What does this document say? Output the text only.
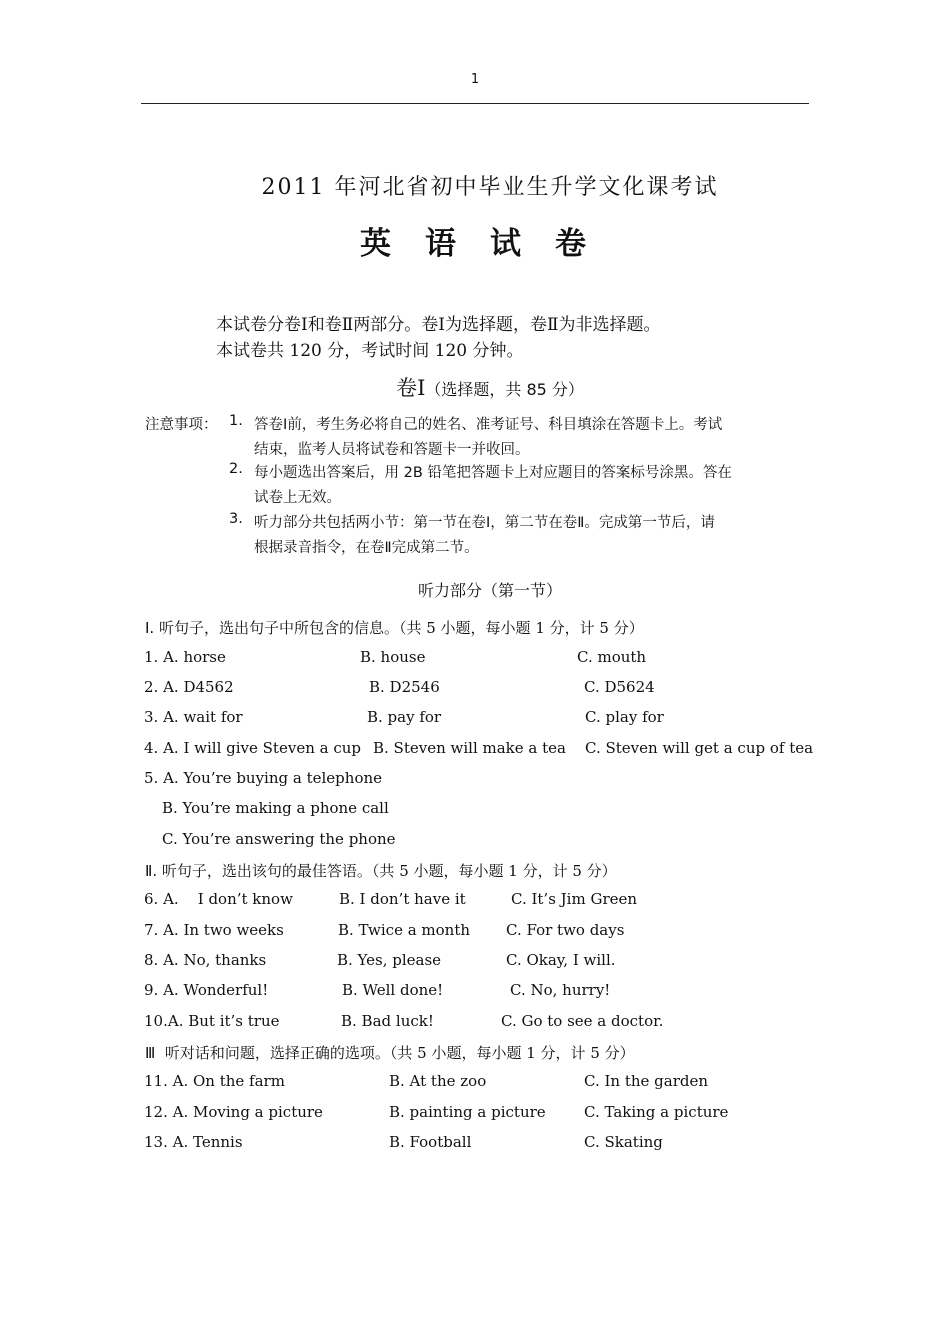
1
2011 年河北省初中毕业生升学文化课考试
英语试卷
本试卷分卷Ⅰ和卷Ⅱ两部分。卷Ⅰ为选择题，卷Ⅱ为非选择题。
本试卷共 120 分，考试时间 120 分钟。
卷Ⅰ（选择题，共 85 分）
注意事项： 1. 答卷Ⅰ前，考生务必将自己的姓名、准考证号、科目填涂在答题卡上。考试
结束，监考人员将试卷和答题卡一并收回。
2. 每小题选出答案后，用 2B 铅笔把答题卡上对应题目的答案标号涂黑。答在
试卷上无效。
3. 听力部分共包括两小节：第一节在卷Ⅰ，第二节在卷Ⅱ。完成第一节后，请
根据录音指令，在卷Ⅱ完成第二节。
听力部分（第一节）
Ⅰ. 听句子，选出句子中所包含的信息。（共 5 小题，每小题 1 分，计 5 分）
1. A. horse	B. house	C. mouth
2. A. D4562	B. D2546	C. D5624
3. A. wait for	B. pay for	C. play for
4. A. I will give Steven a cup B. Steven will make a tea C. Steven will get a cup of tea
5. A. You’re buying a telephone
B. You’re making a phone call
C. You’re answering the phone
Ⅱ. 听句子，选出该句的最佳答语。（共 5 小题，每小题 1 分，计 5 分）
6. A.    I don’t know	B. I don’t have it	C. It’s Jim Green
7. A. In two weeks	B. Twice a month C. For two days
8. A. No, thanks	B. Yes, please	C. Okay, I will.
9. A. Wonderful!	B. Well done!	C. No, hurry!
10.A. But it’s true	B. Bad luck!	C. Go to see a doctor.
Ⅲ  听对话和问题，选择正确的选项。（共 5 小题，每小题 1 分，计 5 分）
11. A. On the farm	B. At the zoo	C. In the garden
12. A. Moving a picture	B. painting a picture	C. Taking a picture
13. A. Tennis	B. Football	C. Skating
